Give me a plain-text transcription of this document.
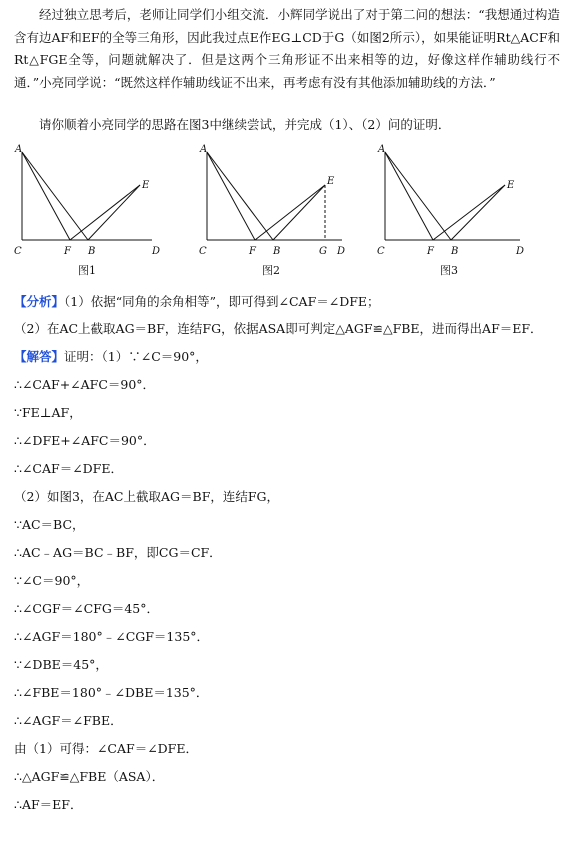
经过独立思考后，老师让同学们小组交流．小辉同学说出了对于第二问的想法：“我想通过构造含有边AF和EF的全等三角形，因此我过点E作EG⊥CD于G（如图2所示），如果能证明Rt△ACF和Rt△FGE全等，问题就解决了．但是这两个三角形证不出来相等的边，好像这样作辅助线行不通．”小亮同学说：“既然这样作辅助线证不出来，再考虑有没有其他添加辅助线的方法．”

请你顺着小亮同学的思路在图3中继续尝试，并完成（1）、（2）问的证明．

A
C	F B	D
E
图1
A
C	F B	G D
E
图2
A
C	F B	D
E
图3
【分析】（1）依据“同角的余角相等”，即可得到∠CAF＝∠DFE；
（2）在AC上截取AG＝BF，连结FG，依据ASA即可判定△AGF≌△FBE，进而得出AF＝EF．
【解答】证明：（1）∵∠C＝90°，
∴∠CAF+∠AFC＝90°．
∵FE⊥AF，
∴∠DFE+∠AFC＝90°．
∴∠CAF＝∠DFE．
（2）如图3，在AC上截取AG＝BF，连结FG，
∵AC＝BC，
∴AC﹣AG＝BC﹣BF，即CG＝CF．
∵∠C＝90°，
∴∠CGF＝∠CFG＝45°．
∴∠AGF＝180°﹣∠CGF＝135°．
∵∠DBE＝45°，
∴∠FBE＝180°﹣∠DBE＝135°．
∴∠AGF＝∠FBE．
由（1）可得：∠CAF＝∠DFE．
∴△AGF≌△FBE（ASA）．
∴AF＝EF．
